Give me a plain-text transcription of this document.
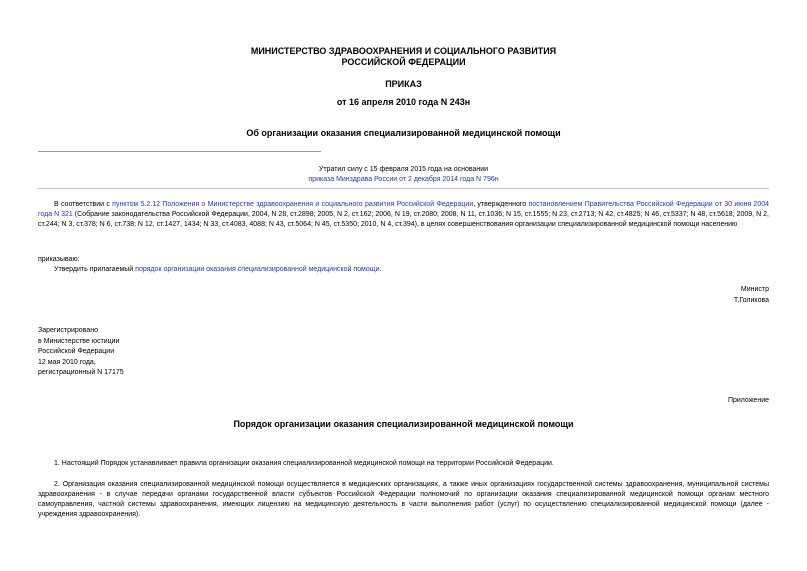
МИНИСТЕРСТВО ЗДРАВООХРАНЕНИЯ И СОЦИАЛЬНОГО РАЗВИТИЯ
РОССИЙСКОЙ ФЕДЕРАЦИИ
ПРИКАЗ
от 16 апреля 2010 года N 243н
Об организации оказания специализированной медицинской помощи
Утратил силу с 15 февраля 2015 года на основании
приказа Минздрава России от 2 декабря 2014 года N 796н
В соответствии с пунктом 5.2.12 Положения о Министерстве здравоохранения и социального развития Российской Федерации, утвержденного постановлением Правительства Российской Федерации от 30 июня 2004 года N 321 (Собрание законодательства Российской Федерации, 2004, N 28, ст.2898; 2005, N 2, ст.162; 2006, N 19, ст.2080; 2008, N 11, ст.1036; N 15, ст.1555; N 23, ст.2713; N 42, ст.4825; N 46, ст.5337; N 48, ст.5618; 2009, N 2, ст.244; N 3, ст.378; N 6, ст.738; N 12, ст.1427, 1434; N 33, ст.4083, 4088; N 43, ст.5064; N 45, ст.5350; 2010, N 4, ст.394), в целях совершенствования организации специализированной медицинской помощи населению
приказываю:
Утвердить прилагаемый порядок организации оказания специализированной медицинской помощи.
Министр
Т.Голикова
Зарегистрировано
в Министерстве юстиции
Российской Федерации
12 мая 2010 года,
регистрационный N 17175
Приложение
Порядок организации оказания специализированной медицинской помощи
1. Настоящий Порядок устанавливает правила организации оказания специализированной медицинской помощи на территории Российской Федерации.
2. Организация оказания специализированной медицинской помощи осуществляется в медицинских организациях, а также иных организациях государственной системы здравоохранения, муниципальной системы здравоохранения - в случае передачи органами государственной власти субъектов Российской Федерации полномочий по организации оказания специализированной медицинской помощи органам местного самоуправления, частной системы здравоохранения, имеющих лицензию на медицинскую деятельность в части выполнения работ (услуг) по осуществлению специализированной медицинской помощи (далее - учреждения здравоохранения).
